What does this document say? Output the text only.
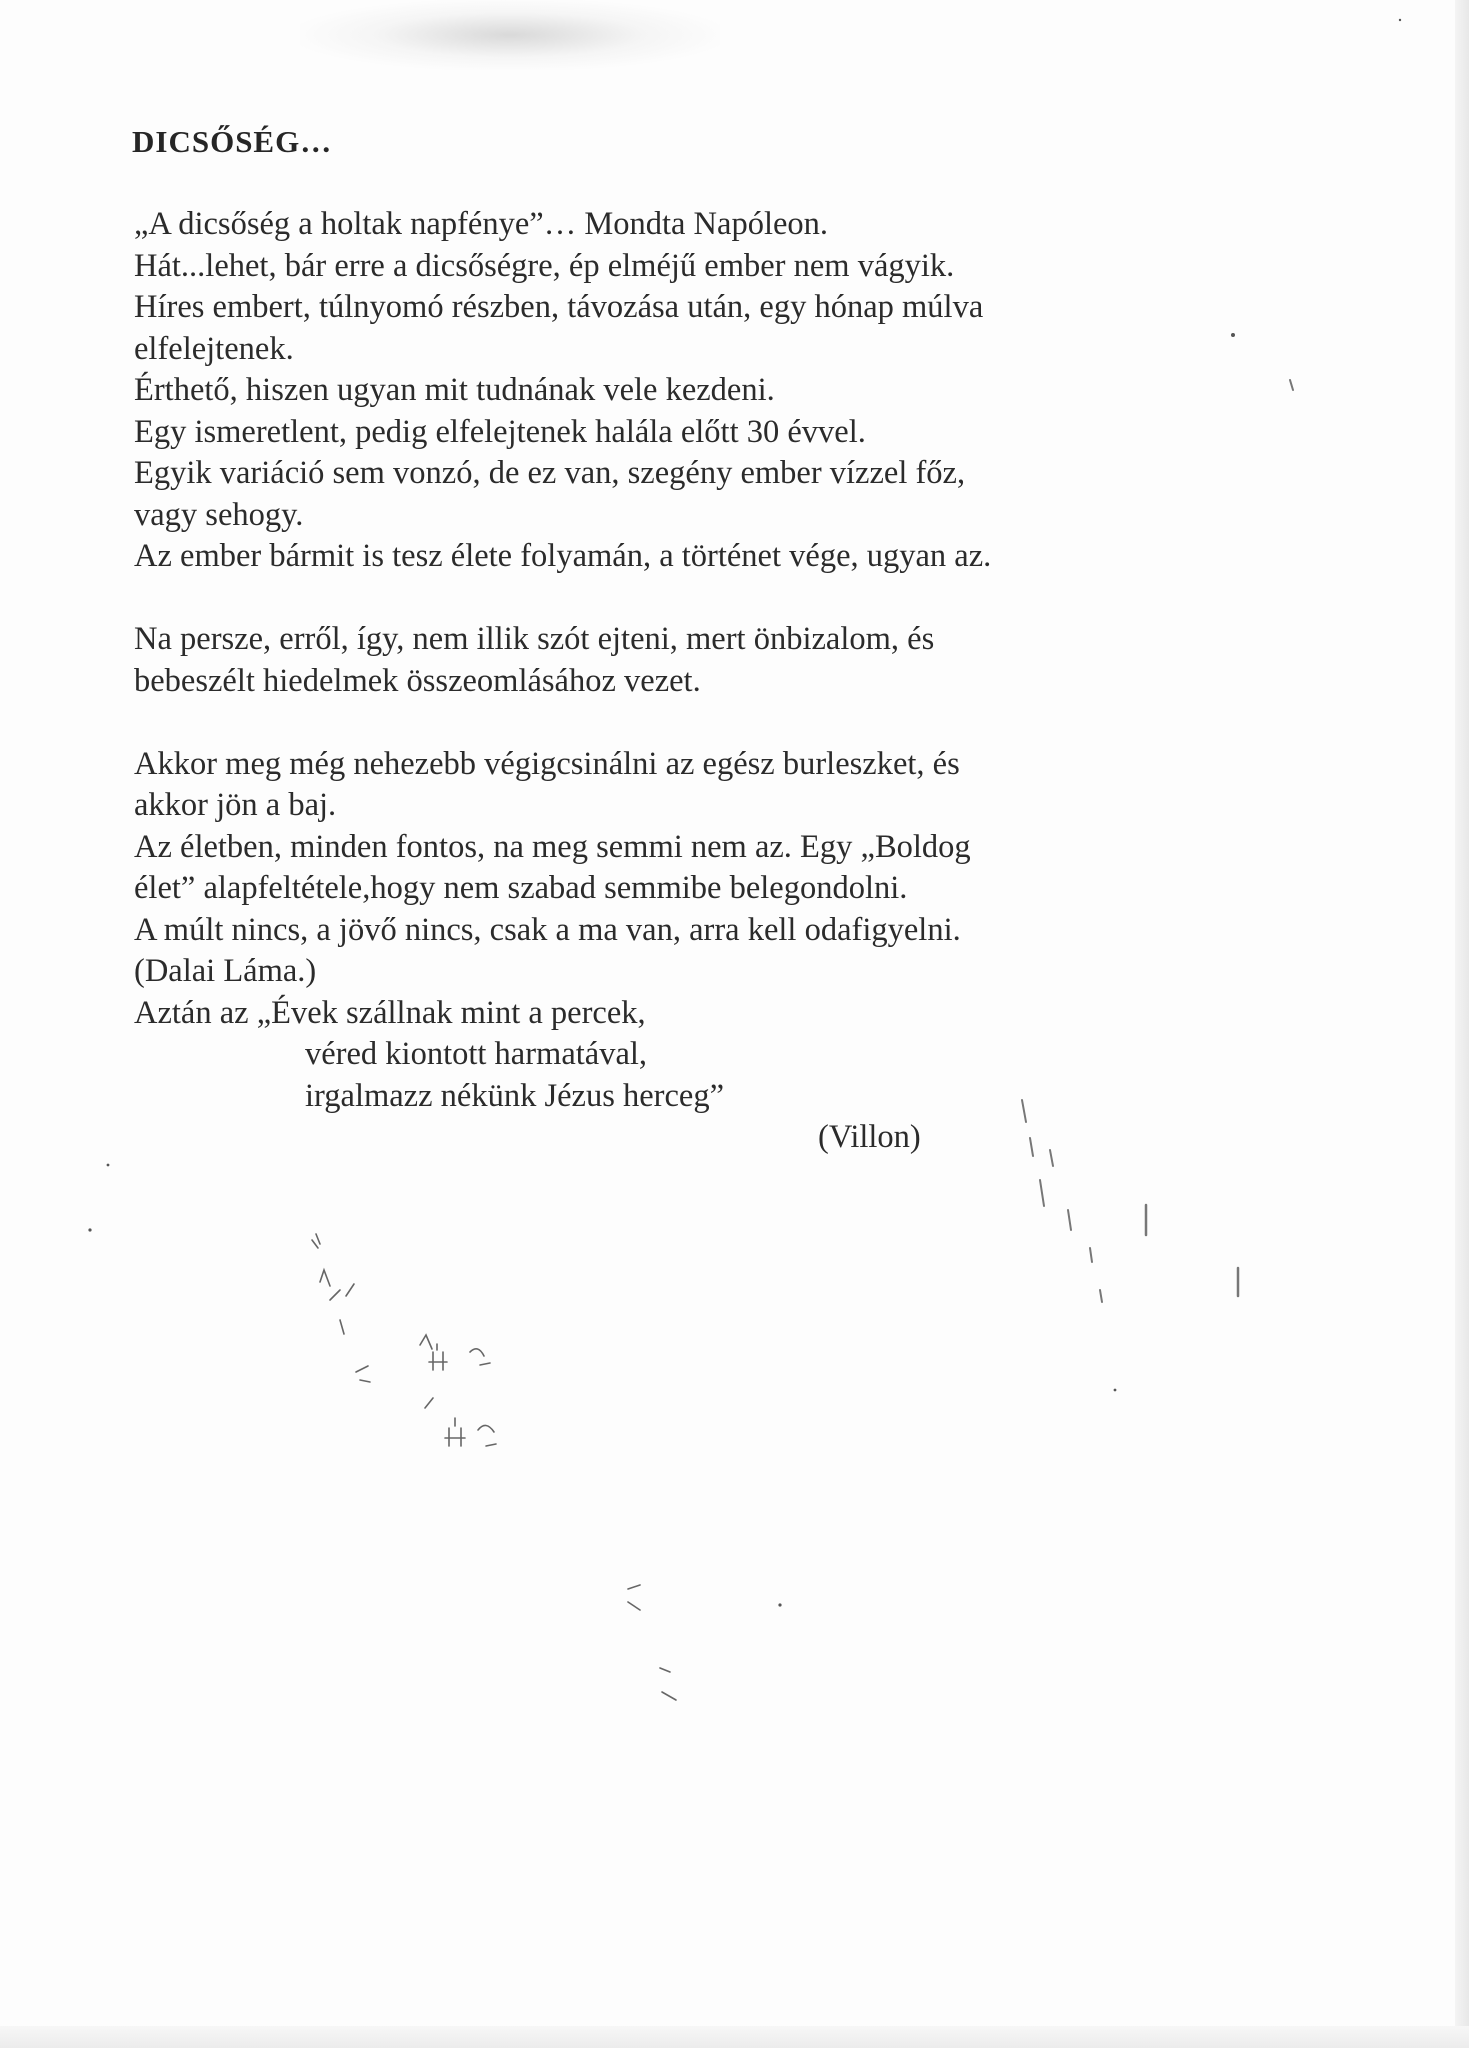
DICSŐSÉG…
„A dicsőség a holtak napfénye”… Mondta Napóleon.
Hát...lehet, bár erre a dicsőségre, ép elméjű ember nem vágyik.
Híres embert, túlnyomó részben, távozása után, egy hónap múlva
elfelejtenek.
Érthető, hiszen ugyan mit tudnának vele kezdeni.
Egy ismeretlent, pedig elfelejtenek halála előtt 30 évvel.
Egyik variáció sem vonzó, de ez van, szegény ember vízzel főz,
vagy sehogy.
Az ember bármit is tesz élete folyamán, a történet vége, ugyan az.
Na persze, erről, így, nem illik szót ejteni, mert önbizalom, és
bebeszélt hiedelmek összeomlásához vezet.
Akkor meg még nehezebb végigcsinálni az egész burleszket, és
akkor jön a baj.
Az életben, minden fontos, na meg semmi nem az. Egy „Boldog
élet” alapfeltétele,hogy nem szabad semmibe belegondolni.
A múlt nincs, a jövő nincs, csak a ma van, arra kell odafigyelni.
(Dalai Láma.)
Aztán az „Évek szállnak mint a percek,
véred kiontott harmatával,
irgalmazz nékünk Jézus herceg”
(Villon)
